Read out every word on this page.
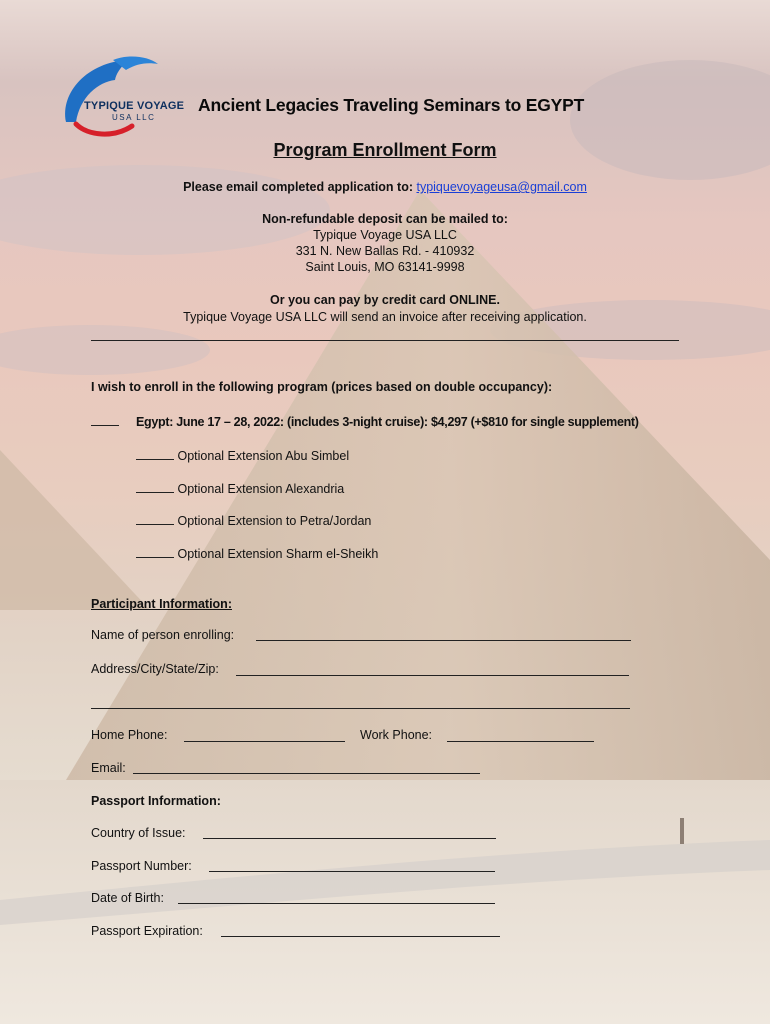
TYPIQUE VOYAGE
USA LLC
Ancient Legacies Traveling Seminars to EGYPT
Program Enrollment Form
Please email completed application to: typiquevoyageusa@gmail.com
Non-refundable deposit can be mailed to:
Typique Voyage USA LLC
331 N. New Ballas Rd. - 410932
Saint Louis, MO 63141-9998
Or you can pay by credit card ONLINE.
Typique Voyage USA LLC will send an invoice after receiving application.
I wish to enroll in the following program (prices based on double occupancy):
Egypt: June 17 – 28, 2022: (includes 3-night cruise): $4,297 (+$810 for single supplement)
Optional Extension Abu Simbel
Optional Extension Alexandria
Optional Extension to Petra/Jordan
Optional Extension Sharm el-Sheikh
Participant Information:
Name of person enrolling:
Address/City/State/Zip:
Home Phone:	Work Phone:
Email:
Passport Information:
Country of Issue:
Passport Number:
Date of Birth:
Passport Expiration:
